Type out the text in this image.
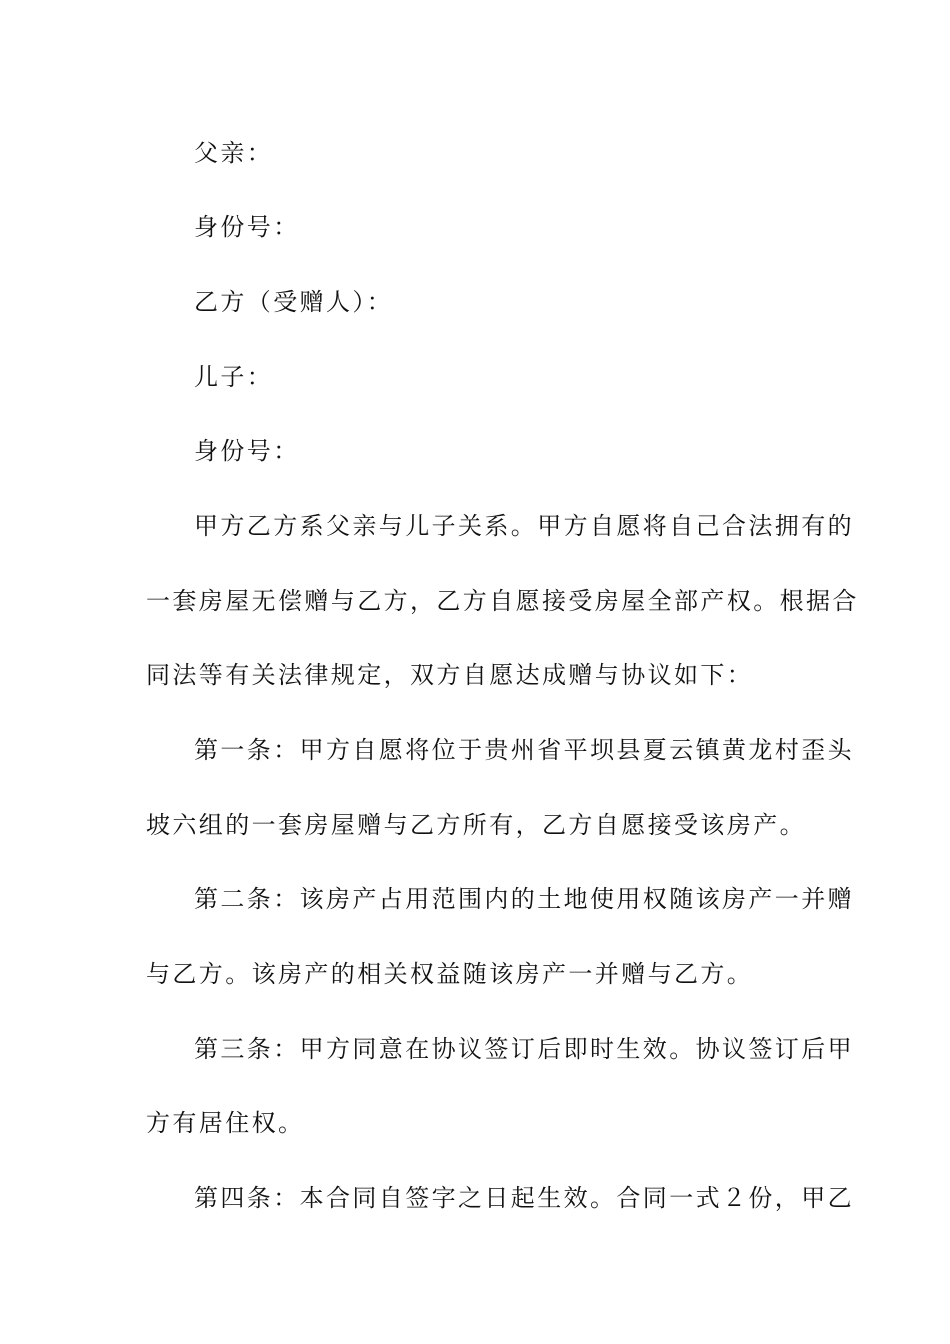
父亲：
身份号：
乙方（受赠人）：
儿子：
身份号：
甲方乙方系父亲与儿子关系。甲方自愿将自己合法拥有的
一套房屋无偿赠与乙方，乙方自愿接受房屋全部产权。根据合
同法等有关法律规定，双方自愿达成赠与协议如下：
第一条：甲方自愿将位于贵州省平坝县夏云镇黄龙村歪头
坡六组的一套房屋赠与乙方所有，乙方自愿接受该房产。
第二条：该房产占用范围内的土地使用权随该房产一并赠
与乙方。该房产的相关权益随该房产一并赠与乙方。
第三条：甲方同意在协议签订后即时生效。协议签订后甲
方有居住权。
第四条：本合同自签字之日起生效。合同一式２份，甲乙
